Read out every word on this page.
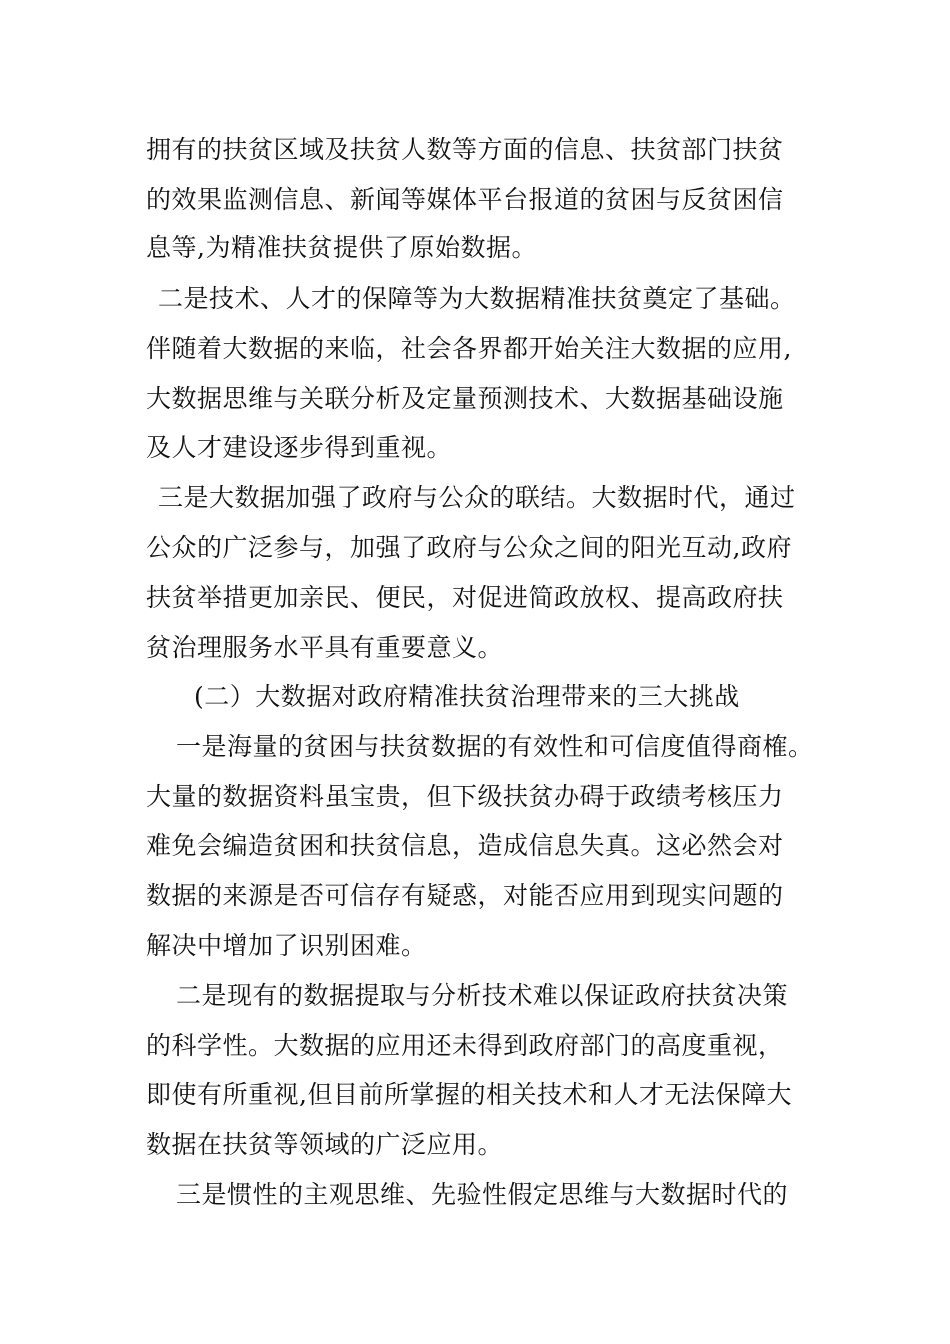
拥有的扶贫区域及扶贫人数等方面的信息、扶贫部门扶贫
的效果监测信息、新闻等媒体平台报道的贫困与反贫困信
息等,为精准扶贫提供了原始数据。
二是技术、人才的保障等为大数据精准扶贫奠定了基础。
伴随着大数据的来临，社会各界都开始关注大数据的应用,
大数据思维与关联分析及定量预测技术、大数据基础设施
及人才建设逐步得到重视。
三是大数据加强了政府与公众的联结。大数据时代，通过
公众的广泛参与，加强了政府与公众之间的阳光互动,政府
扶贫举措更加亲民、便民，对促进简政放权、提高政府扶
贫治理服务水平具有重要意义。
(二）大数据对政府精准扶贫治理带来的三大挑战
一是海量的贫困与扶贫数据的有效性和可信度值得商榷。
大量的数据资料虽宝贵，但下级扶贫办碍于政绩考核压力
难免会编造贫困和扶贫信息，造成信息失真。这必然会对
数据的来源是否可信存有疑惑，对能否应用到现实问题的
解决中增加了识别困难。
二是现有的数据提取与分析技术难以保证政府扶贫决策
的科学性。大数据的应用还未得到政府部门的高度重视，
即使有所重视,但目前所掌握的相关技术和人才无法保障大
数据在扶贫等领域的广泛应用。
三是惯性的主观思维、先验性假定思维与大数据时代的
